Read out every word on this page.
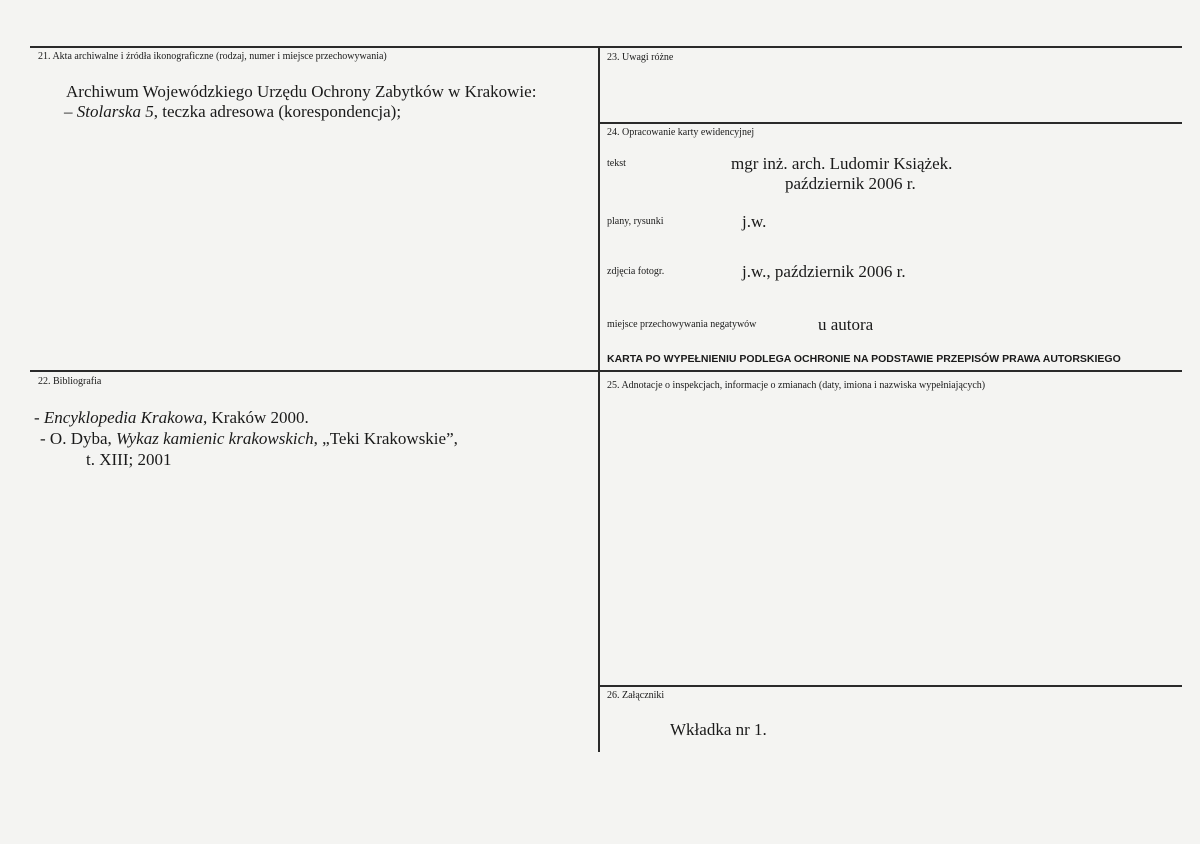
21. Akta archiwalne i źródła ikonograficzne (rodzaj, numer i miejsce przechowywania)
Archiwum Wojewódzkiego Urzędu Ochrony Zabytków w Krakowie:
– Stolarska 5, teczka adresowa (korespondencja);
22. Bibliografia
- Encyklopedia Krakowa, Kraków 2000.
- O. Dyba, Wykaz kamienic krakowskich, „Teki Krakowskie”,
t. XIII; 2001
23. Uwagi różne
24. Opracowanie karty ewidencyjnej
tekst	mgr inż. arch. Ludomir Książek.
październik 2006 r.
plany, rysunki	j.w.
zdjęcia fotogr.	j.w., październik 2006 r.
miejsce przechowywania negatywów	u autora
KARTA PO WYPEŁNIENIU PODLEGA OCHRONIE NA PODSTAWIE PRZEPISÓW PRAWA AUTORSKIEGO
25. Adnotacje o inspekcjach, informacje o zmianach (daty, imiona i nazwiska wypełniających)
26. Załączniki
Wkładka nr 1.
